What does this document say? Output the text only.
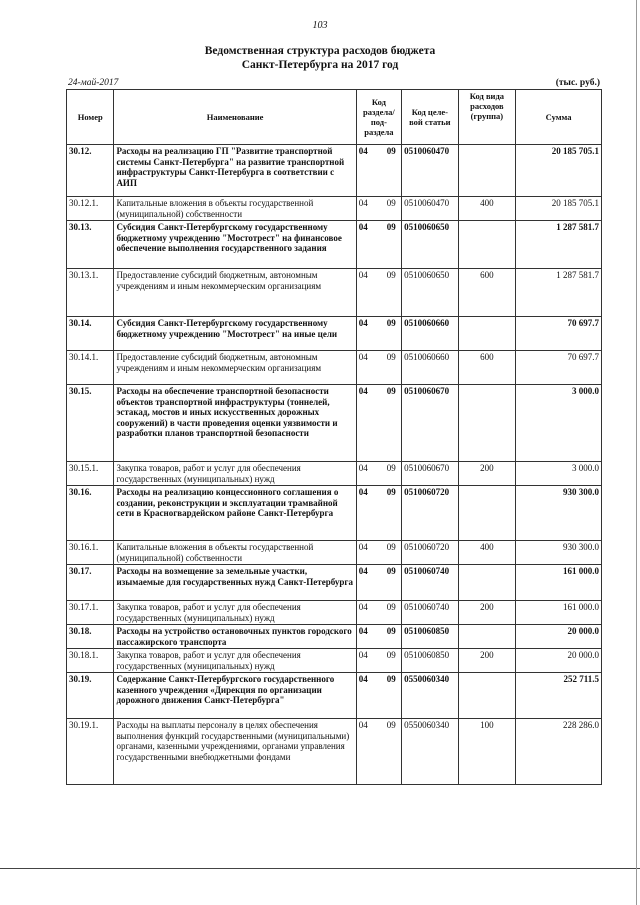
103
Ведомственная структура расходов бюджета
Санкт-Петербурга на 2017 год
24-май-2017	(тыс. руб.)
Номер	Наименование	Код раздела/ под- раздела	Код целе- вой статьи	Код вида расходов (группа)	Сумма
30.12.	Расходы на реализацию ГП "Развитие транспортной системы Санкт-Петербурга" на развитие транспортной инфраструктуры Санкт-Петербурга в соответствии с АИП	04 09	0510060470		20 185 705.1
30.12.1.	Капитальные вложения в объекты государственной (муниципальной) собственности	04 09	0510060470	400	20 185 705.1
30.13.	Субсидия Санкт-Петербургскому государственному бюджетному учреждению "Мостотрест" на финансовое обеспечение выполнения государственного задания	04 09	0510060650		1 287 581.7
30.13.1.	Предоставление субсидий бюджетным, автономным учреждениям и иным некоммерческим организациям	04 09	0510060650	600	1 287 581.7
30.14.	Субсидия Санкт-Петербургскому государственному бюджетному учреждению "Мостотрест" на иные цели	04 09	0510060660		70 697.7
30.14.1.	Предоставление субсидий бюджетным, автономным учреждениям и иным некоммерческим организациям	04 09	0510060660	600	70 697.7
30.15.	Расходы на обеспечение транспортной безопасности объектов транспортной инфраструктуры (тоннелей, эстакад, мостов и иных искусственных дорожных сооружений) в части проведения оценки уязвимости и разработки планов транспортной безопасности	04 09	0510060670		3 000.0
30.15.1.	Закупка товаров, работ и услуг для обеспечения государственных (муниципальных) нужд	04 09	0510060670	200	3 000.0
30.16.	Расходы на реализацию концессионного соглашения о создании, реконструкции и эксплуатации трамвайной сети в Красногвардейском районе Санкт-Петербурга	04 09	0510060720		930 300.0
30.16.1.	Капитальные вложения в объекты государственной (муниципальной) собственности	04 09	0510060720	400	930 300.0
30.17.	Расходы на возмещение за земельные участки, изымаемые для государственных нужд Санкт-Петербурга	04 09	0510060740		161 000.0
30.17.1.	Закупка товаров, работ и услуг для обеспечения государственных (муниципальных) нужд	04 09	0510060740	200	161 000.0
30.18.	Расходы на устройство остановочных пунктов городского пассажирского транспорта	04 09	0510060850		20 000.0
30.18.1.	Закупка товаров, работ и услуг для обеспечения государственных (муниципальных) нужд	04 09	0510060850	200	20 000.0
30.19.	Содержание Санкт-Петербургского государственного казенного учреждения «Дирекция по организации дорожного движения Санкт-Петербурга"	04 09	0550060340		252 711.5
30.19.1.	Расходы на выплаты персоналу в целях обеспечения выполнения функций государственными (муниципальными) органами, казенными учреждениями, органами управления государственными внебюджетными фондами	04 09	0550060340	100	228 286.0
